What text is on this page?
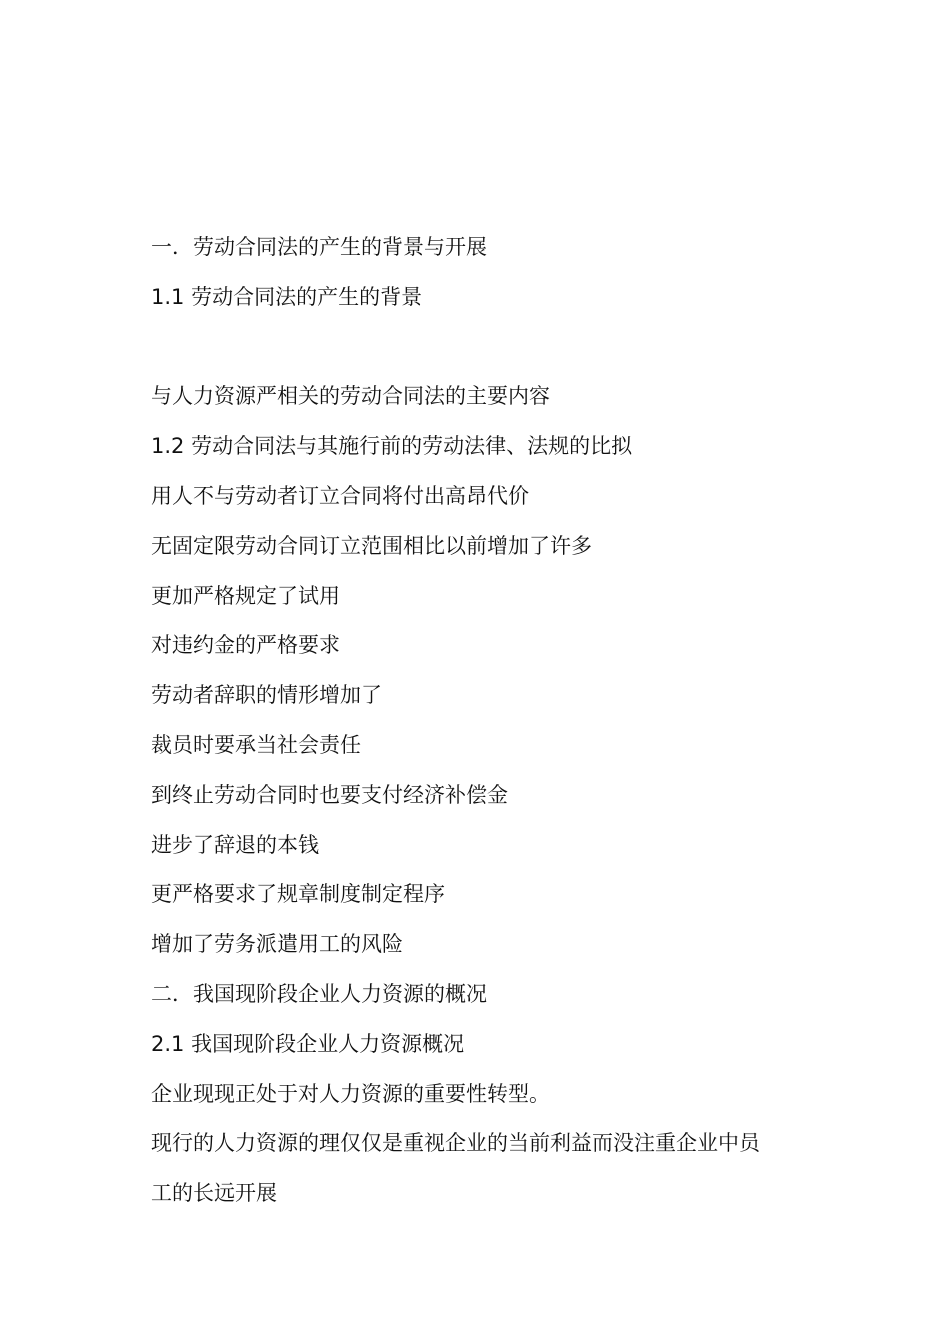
一．劳动合同法的产生的背景与开展
1.1 劳动合同法的产生的背景
与人力资源严相关的劳动合同法的主要内容
1.2 劳动合同法与其施行前的劳动法律、法规的比拟
用人不与劳动者订立合同将付出高昂代价
无固定限劳动合同订立范围相比以前增加了许多
更加严格规定了试用
对违约金的严格要求
劳动者辞职的情形增加了
裁员时要承当社会责任
到终止劳动合同时也要支付经济补偿金
进步了辞退的本钱
更严格要求了规章制度制定程序
增加了劳务派遣用工的风险
二．我国现阶段企业人力资源的概况
2.1 我国现阶段企业人力资源概况
企业现现正处于对人力资源的重要性转型。
现行的人力资源的理仅仅是重视企业的当前利益而没注重企业中员
工的长远开展
